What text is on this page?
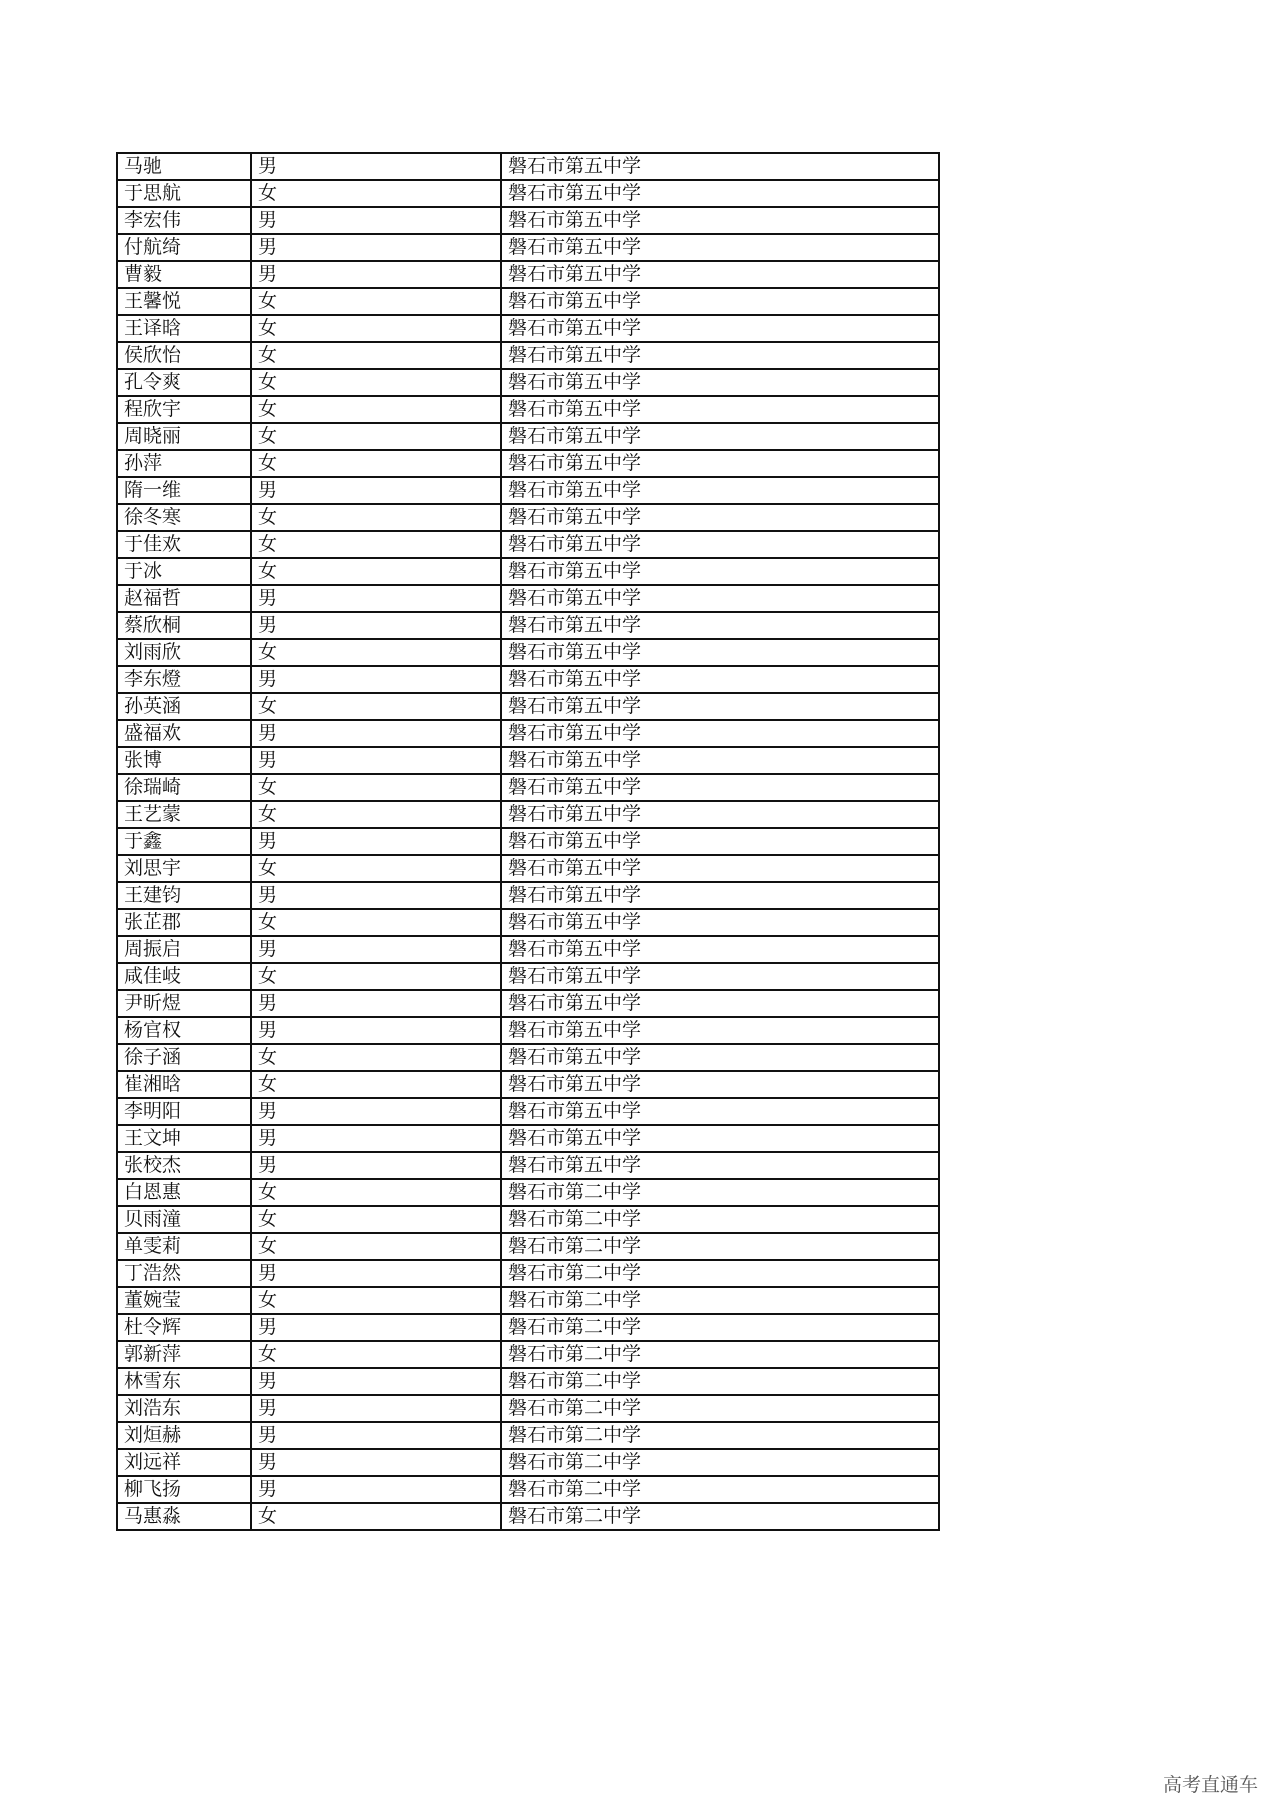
马驰	男	磐石市第五中学
于思航	女	磐石市第五中学
李宏伟	男	磐石市第五中学
付航绮	男	磐石市第五中学
曹毅	男	磐石市第五中学
王馨悦	女	磐石市第五中学
王译晗	女	磐石市第五中学
侯欣怡	女	磐石市第五中学
孔令爽	女	磐石市第五中学
程欣宇	女	磐石市第五中学
周晓丽	女	磐石市第五中学
孙萍	女	磐石市第五中学
隋一维	男	磐石市第五中学
徐冬寒	女	磐石市第五中学
于佳欢	女	磐石市第五中学
于冰	女	磐石市第五中学
赵福哲	男	磐石市第五中学
蔡欣桐	男	磐石市第五中学
刘雨欣	女	磐石市第五中学
李东燈	男	磐石市第五中学
孙英涵	女	磐石市第五中学
盛福欢	男	磐石市第五中学
张博	男	磐石市第五中学
徐瑞崎	女	磐石市第五中学
王艺蒙	女	磐石市第五中学
于鑫	男	磐石市第五中学
刘思宇	女	磐石市第五中学
王建钧	男	磐石市第五中学
张芷郡	女	磐石市第五中学
周振启	男	磐石市第五中学
咸佳岐	女	磐石市第五中学
尹昕煜	男	磐石市第五中学
杨官权	男	磐石市第五中学
徐子涵	女	磐石市第五中学
崔湘晗	女	磐石市第五中学
李明阳	男	磐石市第五中学
王文坤	男	磐石市第五中学
张校杰	男	磐石市第五中学
白恩惠	女	磐石市第二中学
贝雨潼	女	磐石市第二中学
单雯莉	女	磐石市第二中学
丁浩然	男	磐石市第二中学
董婉莹	女	磐石市第二中学
杜令辉	男	磐石市第二中学
郭新萍	女	磐石市第二中学
林雪东	男	磐石市第二中学
刘浩东	男	磐石市第二中学
刘烜赫	男	磐石市第二中学
刘远祥	男	磐石市第二中学
柳飞扬	男	磐石市第二中学
马惠淼	女	磐石市第二中学
高考直通车
